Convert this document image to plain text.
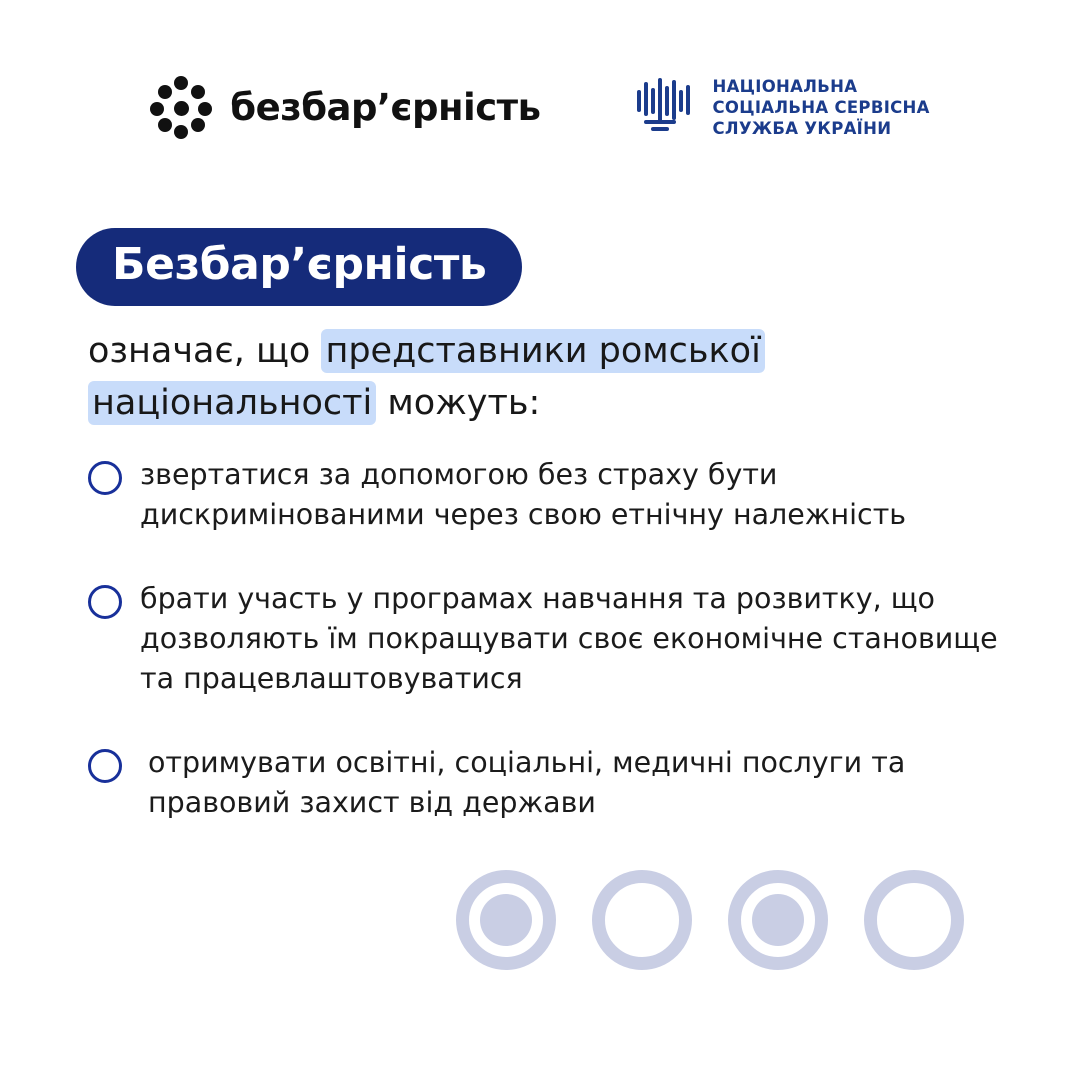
безбар’єрність	НАЦІОНАЛЬНА
СОЦІАЛЬНА СЕРВІСНА
СЛУЖБА УКРАЇНИ
Безбар’єрність
означає, що представники ромської національності можуть:
звертатися за допомогою без страху бути дискримінованими через свою етнічну належність
брати участь у програмах навчання та розвитку, що дозволяють їм покращувати своє економічне становище та працевлаштовуватися
отримувати освітні, соціальні, медичні послуги та правовий захист від держави
